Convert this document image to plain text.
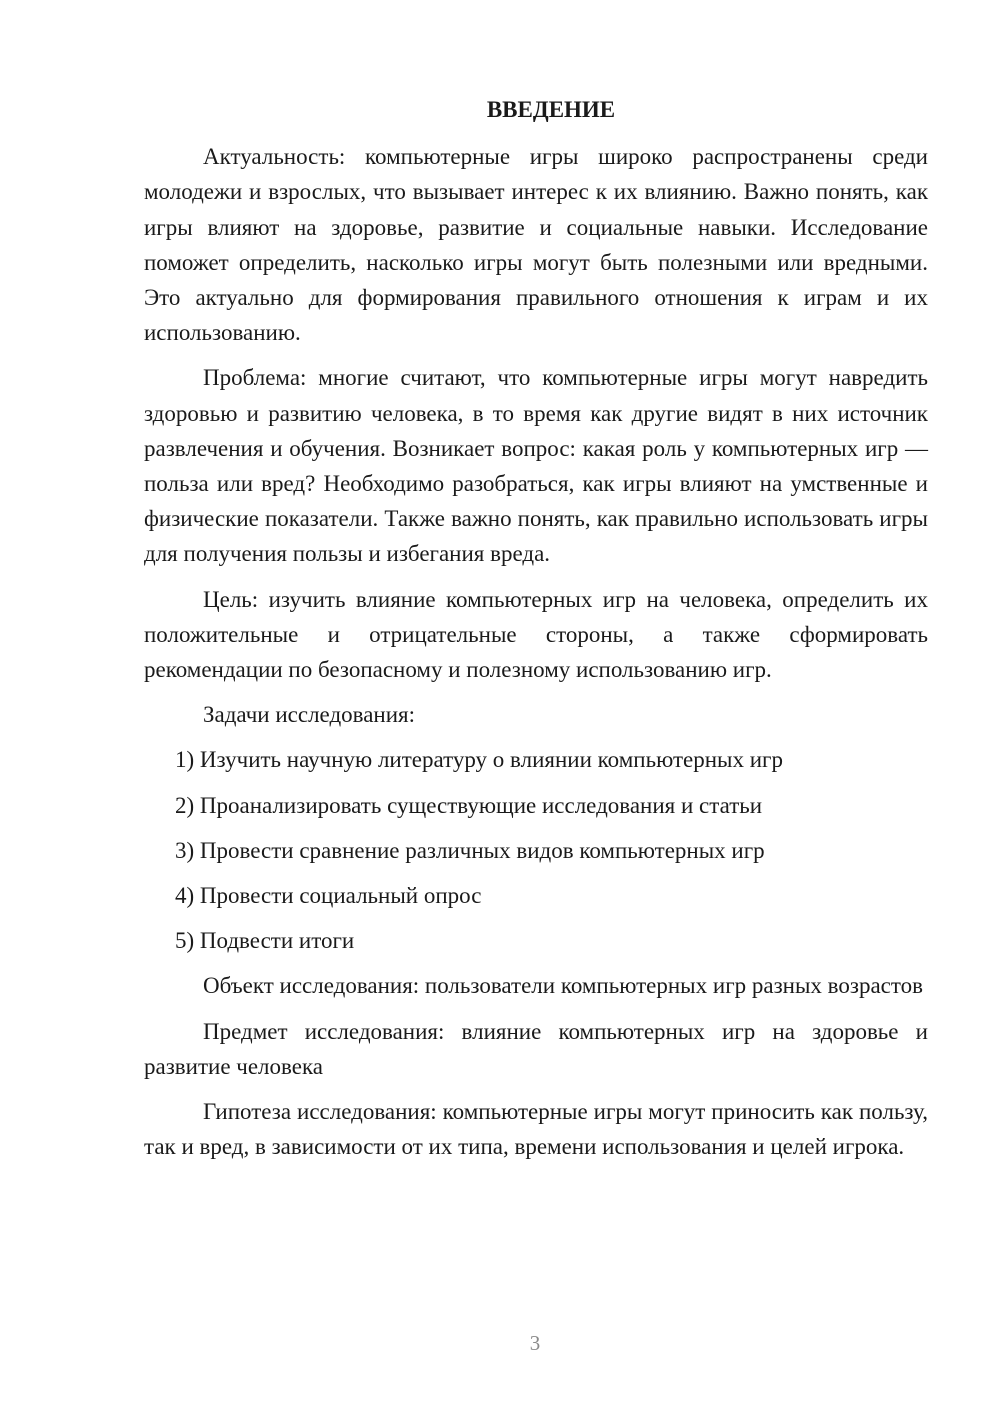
ВВЕДЕНИЕ

Актуальность: компьютерные игры широко распространены среди молодежи и взрослых, что вызывает интерес к их влиянию. Важно понять, как игры влияют на здоровье, развитие и социальные навыки. Исследование поможет определить, насколько игры могут быть полезными или вредными. Это актуально для формирования правильного отношения к играм и их использованию.

Проблема: многие считают, что компьютерные игры могут навредить здоровью и развитию человека, в то время как другие видят в них источник развлечения и обучения. Возникает вопрос: какая роль у компьютерных игр — польза или вред? Необходимо разобраться, как игры влияют на умственные и физические показатели. Также важно понять, как правильно использовать игры для получения пользы и избегания вреда.

Цель: изучить влияние компьютерных игр на человека, определить их положительные и отрицательные стороны, а также сформировать рекомендации по безопасному и полезному использованию игр.

Задачи исследования:

1) Изучить научную литературу о влиянии компьютерных игр
2) Проанализировать существующие исследования и статьи
3) Провести сравнение различных видов компьютерных игр
4) Провести социальный опрос
5) Подвести итоги

Объект исследования: пользователи компьютерных игр разных возрастов

Предмет исследования: влияние компьютерных игр на здоровье и развитие человека

Гипотеза исследования: компьютерные игры могут приносить как пользу, так и вред, в зависимости от их типа, времени использования и целей игрока.

3
